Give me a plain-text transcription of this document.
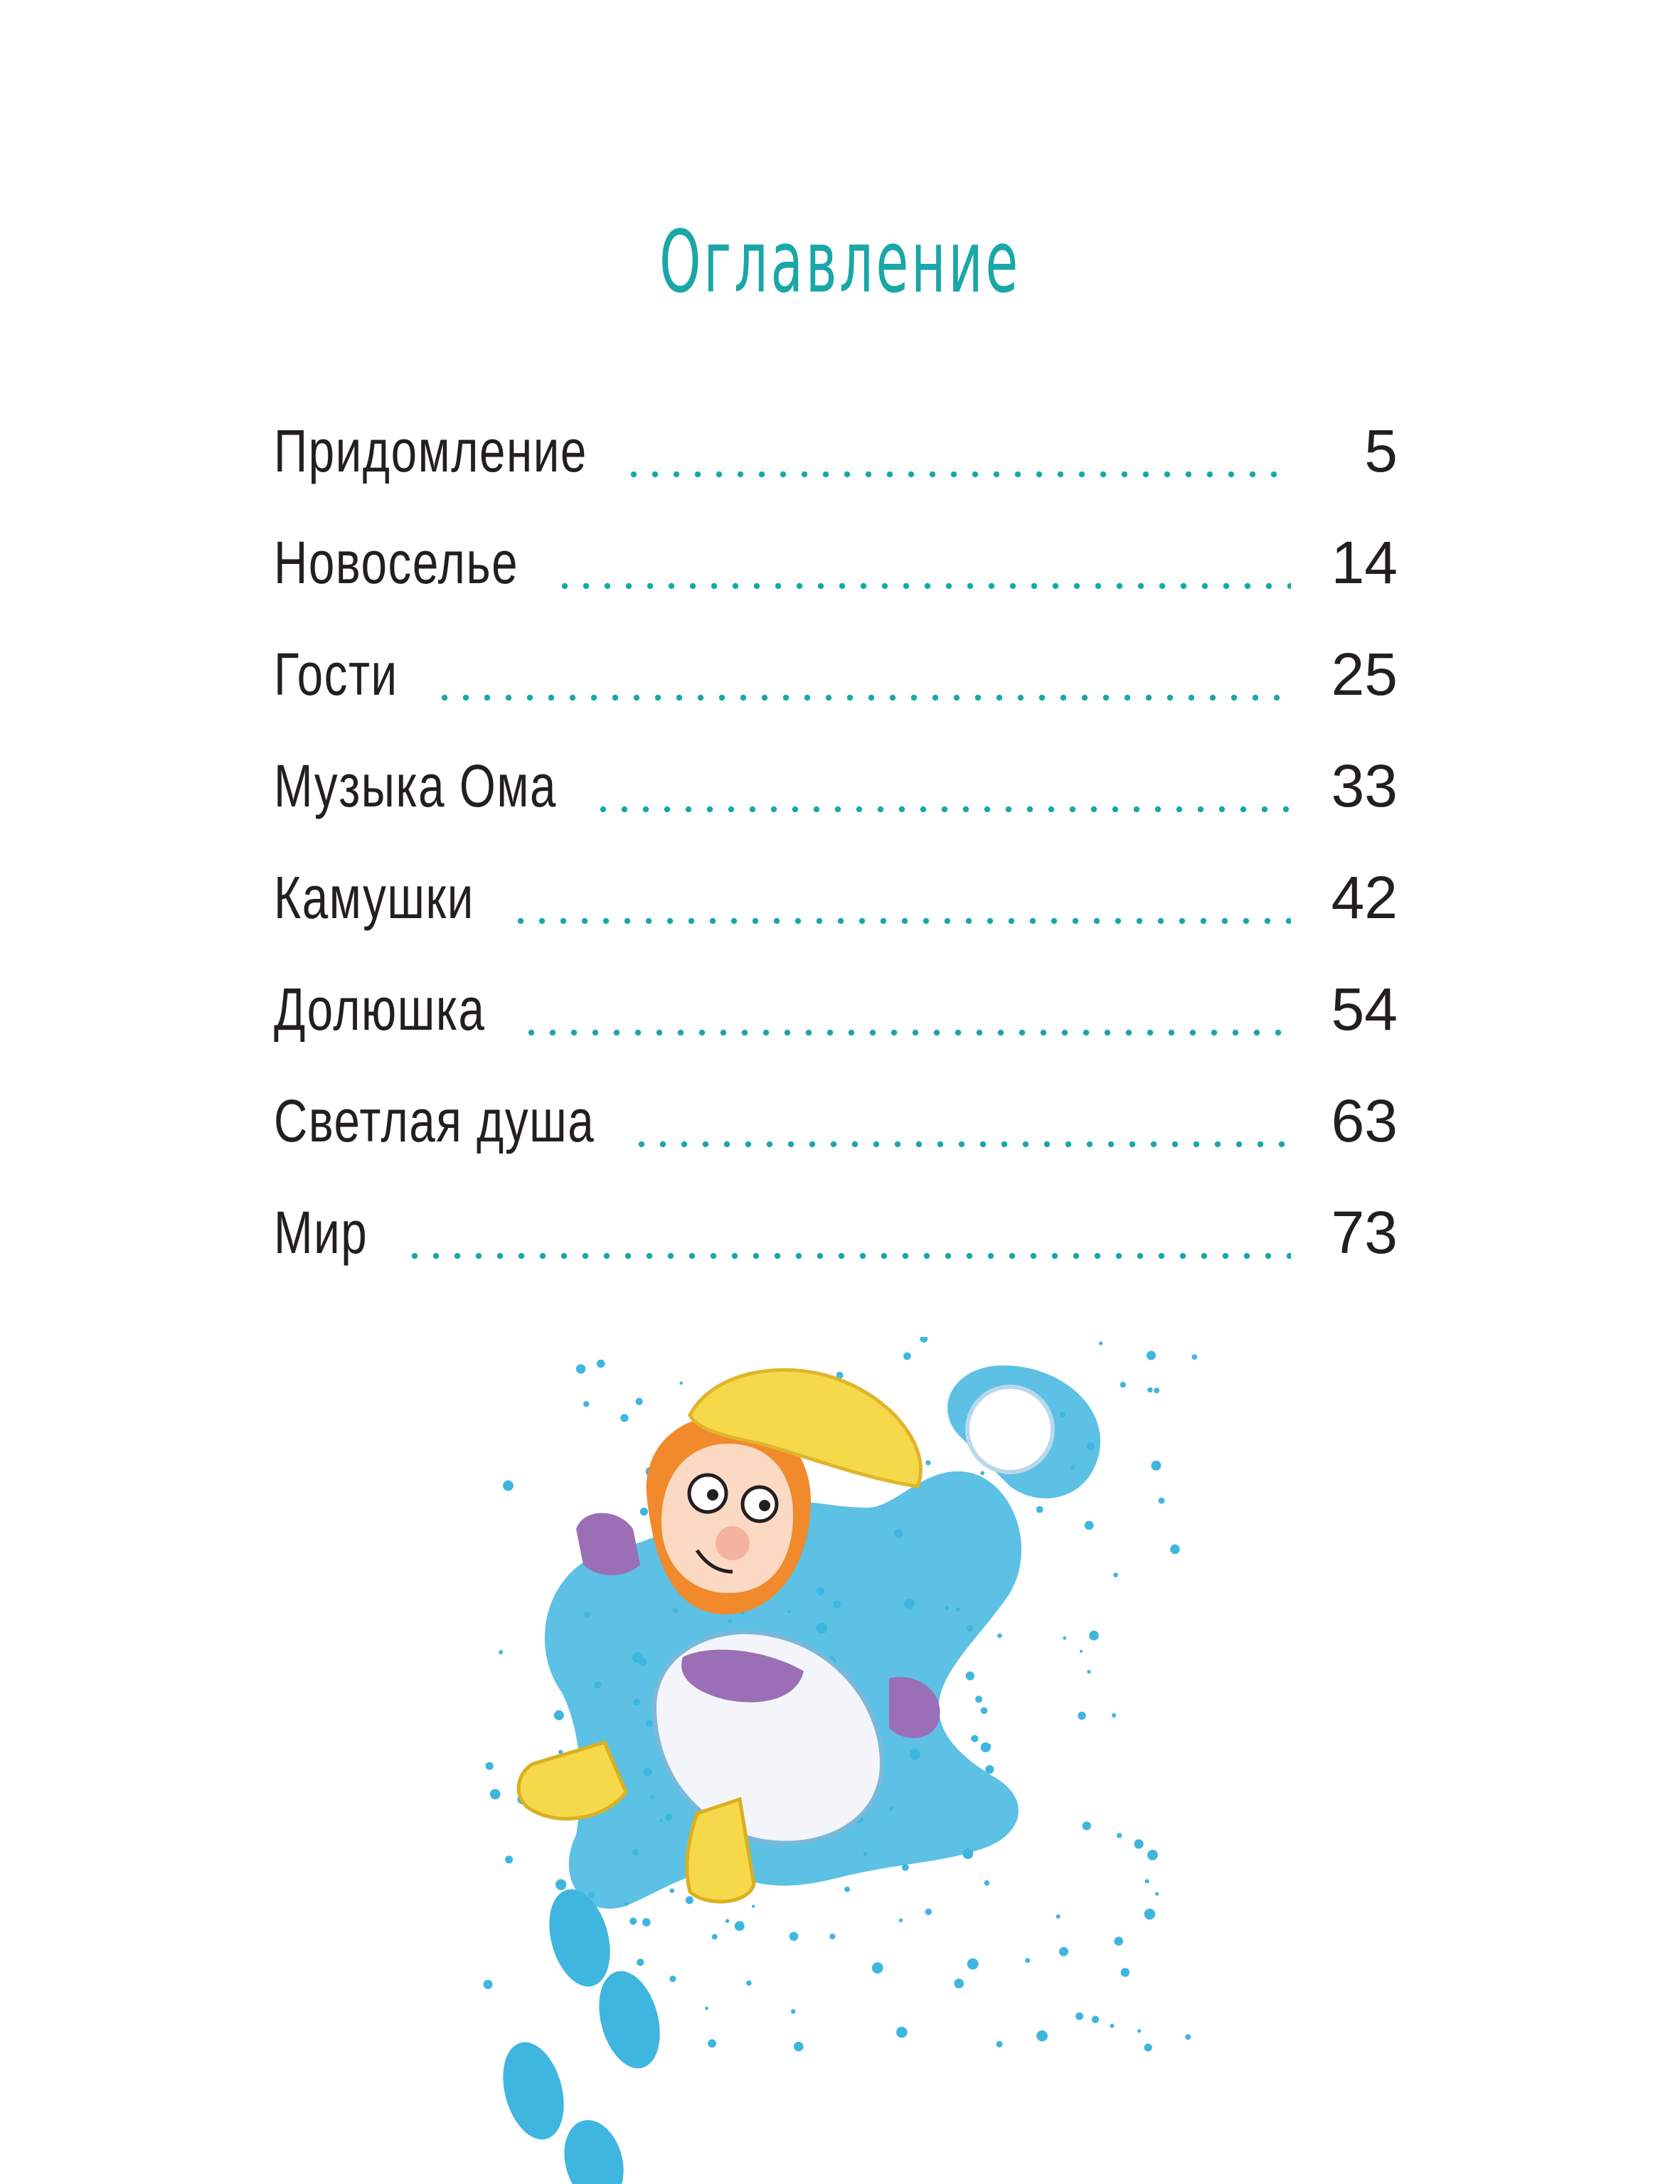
Оглавление
Придомление	5
Новоселье	14
Гости	25
Музыка Ома	33
Камушки	42
Долюшка	54
Светлая душа	63
Мир	73
